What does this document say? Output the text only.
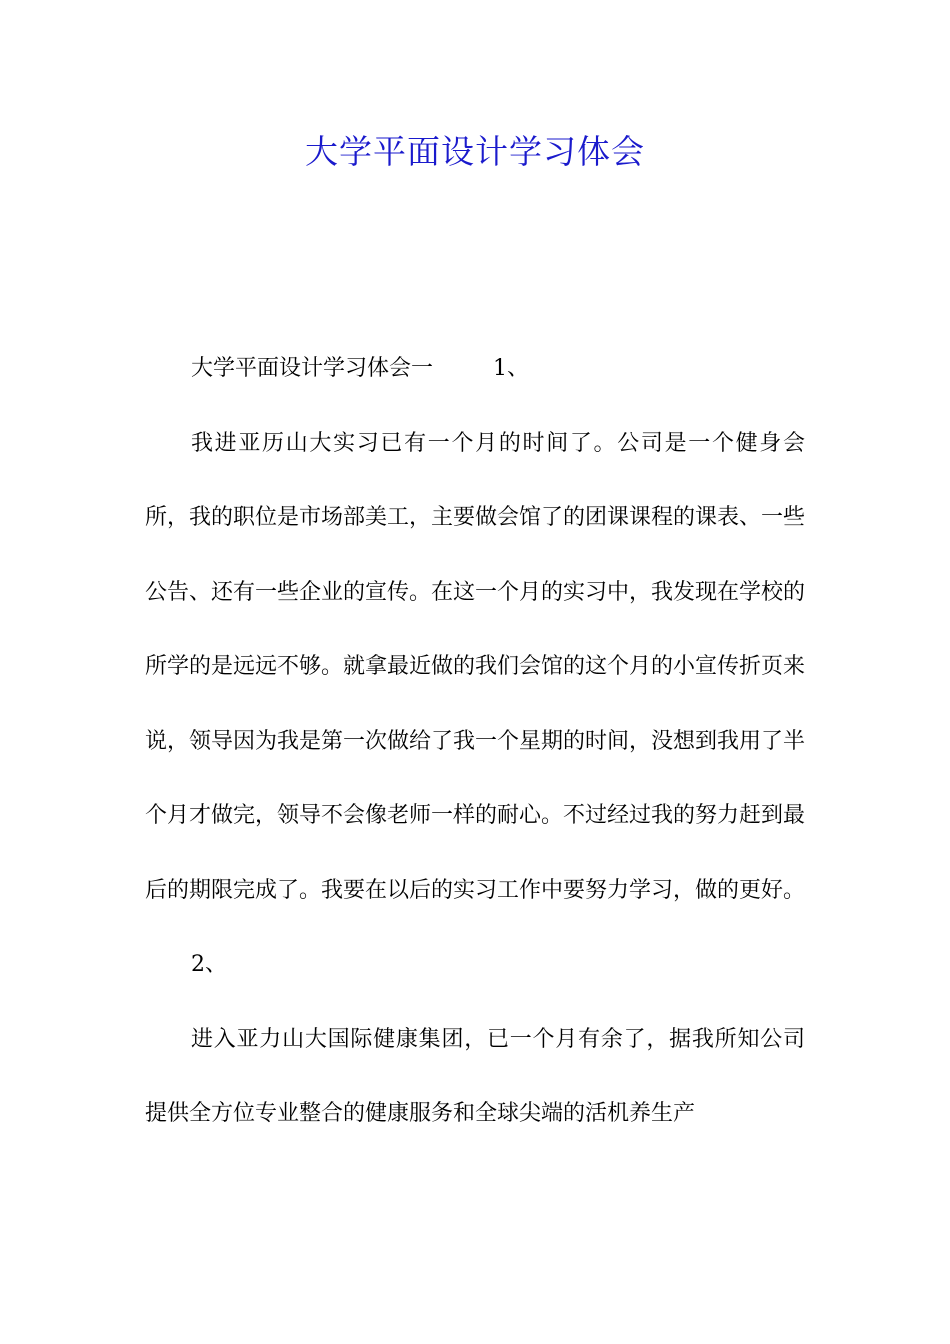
大学平面设计学习体会

大学平面设计学习体会一	1、

我进亚历山大实习已有一个月的时间了。公司是一个健身会所，我的职位是市场部美工，主要做会馆了的团课课程的课表、一些公告、还有一些企业的宣传。在这一个月的实习中，我发现在学校的所学的是远远不够。就拿最近做的我们会馆的这个月的小宣传折页来说，领导因为我是第一次做给了我一个星期的时间，没想到我用了半个月才做完，领导不会像老师一样的耐心。不过经过我的努力赶到最后的期限完成了。我要在以后的实习工作中要努力学习，做的更好。

2、

进入亚力山大国际健康集团，已一个月有余了，据我所知公司提供全方位专业整合的健康服务和全球尖端的活机养生产
